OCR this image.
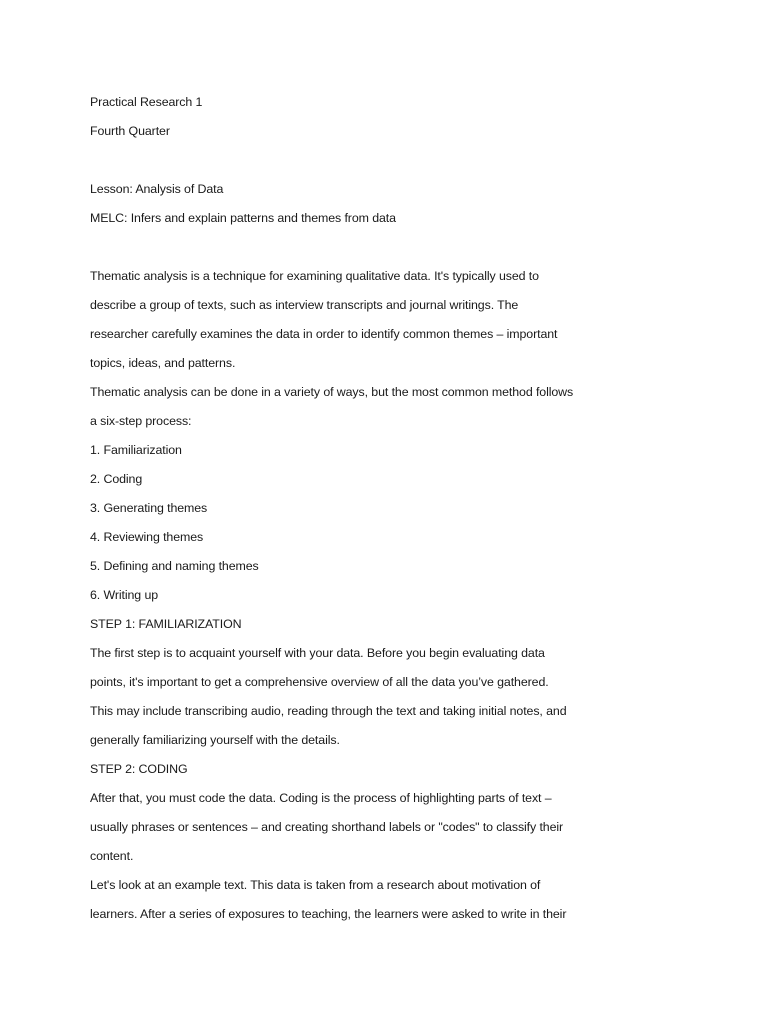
Practical Research 1
Fourth Quarter
Lesson: Analysis of Data
MELC: Infers and explain patterns and themes from data
Thematic analysis is a technique for examining qualitative data. It's typically used to
describe a group of texts, such as interview transcripts and journal writings. The
researcher carefully examines the data in order to identify common themes – important
topics, ideas, and patterns.
Thematic analysis can be done in a variety of ways, but the most common method follows
a six-step process:
1. Familiarization
2. Coding
3. Generating themes
4. Reviewing themes
5. Defining and naming themes
6. Writing up
STEP 1: FAMILIARIZATION
The first step is to acquaint yourself with your data. Before you begin evaluating data
points, it's important to get a comprehensive overview of all the data you’ve gathered.
This may include transcribing audio, reading through the text and taking initial notes, and
generally familiarizing yourself with the details.
STEP 2: CODING
After that, you must code the data. Coding is the process of highlighting parts of text –
usually phrases or sentences – and creating shorthand labels or "codes" to classify their
content.
Let's look at an example text. This data is taken from a research about motivation of
learners. After a series of exposures to teaching, the learners were asked to write in their
